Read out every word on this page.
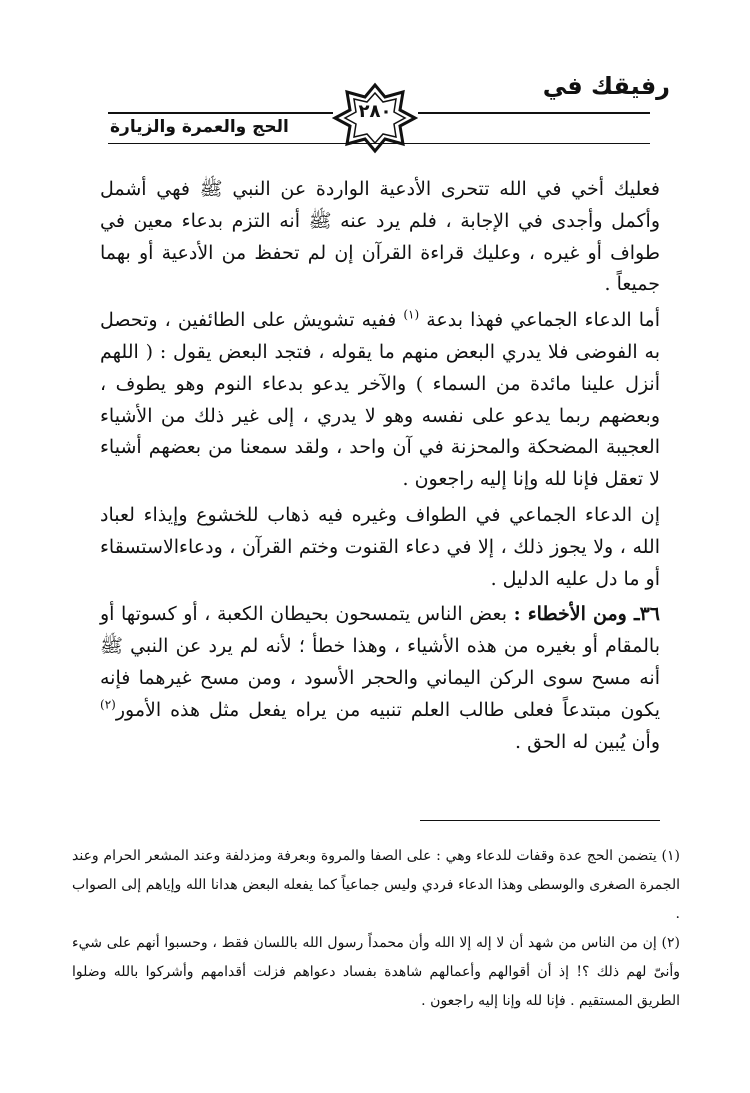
رفيقك في
٢٨٠
الحج والعمرة والزيارة

فعليك أخي في الله تتحرى الأدعية الواردة عن النبي ﷺ فهي أشمل وأكمل وأجدى في الإجابة ، فلم يرد عنه ﷺ أنه التزم بدعاء معين في طواف أو غيره ، وعليك قراءة القرآن إن لم تحفظ من الأدعية أو بهما جميعاً .

أما الدعاء الجماعي فهذا بدعة $^{(١)}$ ففيه تشويش على الطائفين ، وتحصل به الفوضى فلا يدري البعض منهم ما يقوله ، فتجد البعض يقول : ( اللهم أنزل علينا مائدة من السماء ) والآخر يدعو بدعاء النوم وهو يطوف ، وبعضهم ربما يدعو على نفسه وهو لا يدري ، إلى غير ذلك من الأشياء العجيبة المضحكة والمحزنة في آن واحد ، ولقد سمعنا من بعضهم أشياء لا تعقل فإنا لله وإنا إليه راجعون .

إن الدعاء الجماعي في الطواف وغيره فيه ذهاب للخشوع وإيذاء لعباد الله ، ولا يجوز ذلك ، إلا في دعاء القنوت وختم القرآن ، ودعاءالاستسقاء أو ما دل عليه الدليل .

٣٦ـ ومن الأخطاء : بعض الناس يتمسحون بحيطان الكعبة ، أو كسوتها أو بالمقام أو بغيره من هذه الأشياء ، وهذا خطأ ؛ لأنه لم يرد عن النبي ﷺ أنه مسح سوى الركن اليماني والحجر الأسود ، ومن مسح غيرهما فإنه يكون مبتدعاً فعلى طالب العلم تنبيه من يراه يفعل مثل هذه الأمور$^{(٢)}$ وأن يُبين له الحق .

(١) يتضمن الحج عدة وقفات للدعاء وهي : على الصفا والمروة وبعرفة ومزدلفة وعند المشعر الحرام وعند الجمرة الصغرى والوسطى وهذا الدعاء فردي وليس جماعياً كما يفعله البعض هدانا الله وإياهم إلى الصواب .

(٢) إن من الناس من شهد أن لا إله إلا الله وأن محمداً رسول الله باللسان فقط ، وحسبوا أنهم على شيء وأنىّ لهم ذلك ؟! إذ أن أقوالهم وأعمالهم شاهدة بفساد دعواهم فزلت أقدامهم وأشركوا بالله وضلوا الطريق المستقيم . فإنا لله وإنا إليه راجعون .
